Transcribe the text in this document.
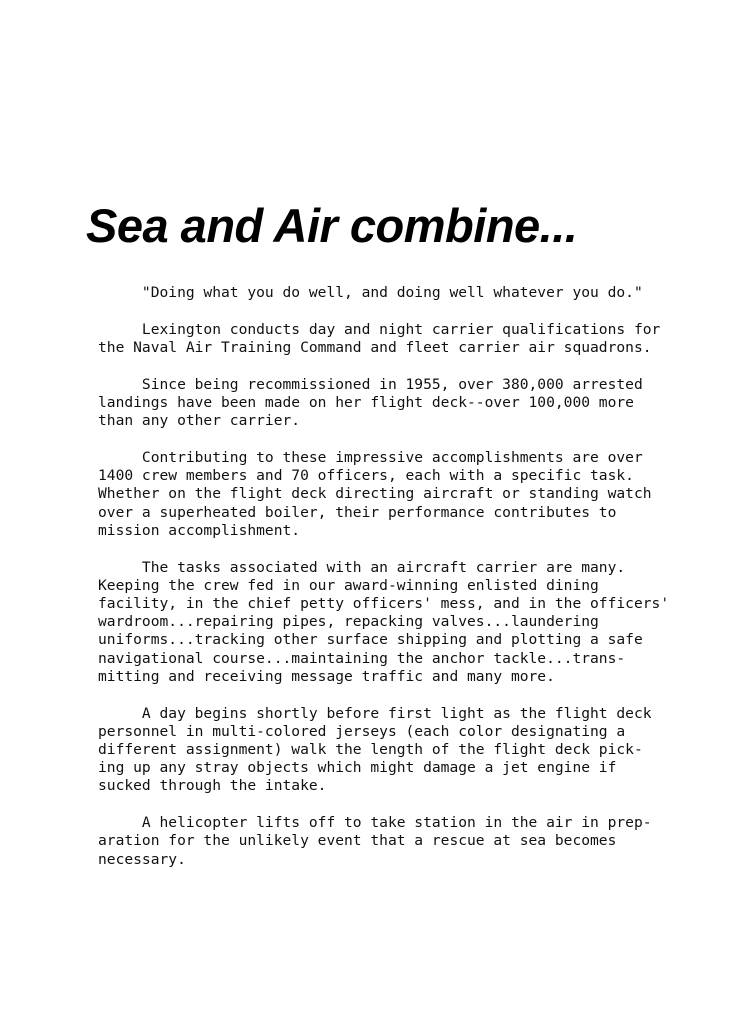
Sea and Air combine...

"Doing what you do well, and doing well whatever you do."

Lexington conducts day and night carrier qualifications for
the Naval Air Training Command and fleet carrier air squadrons.

Since being recommissioned in 1955, over 380,000 arrested
landings have been made on her flight deck--over 100,000 more
than any other carrier.

Contributing to these impressive accomplishments are over
1400 crew members and 70 officers, each with a specific task.
Whether on the flight deck directing aircraft or standing watch
over a superheated boiler, their performance contributes to
mission accomplishment.

The tasks associated with an aircraft carrier are many.
Keeping the crew fed in our award-winning enlisted dining
facility, in the chief petty officers' mess, and in the officers'
wardroom...repairing pipes, repacking valves...laundering
uniforms...tracking other surface shipping and plotting a safe
navigational course...maintaining the anchor tackle...trans-
mitting and receiving message traffic and many more.

A day begins shortly before first light as the flight deck
personnel in multi-colored jerseys (each color designating a
different assignment) walk the length of the flight deck pick-
ing up any stray objects which might damage a jet engine if
sucked through the intake.

A helicopter lifts off to take station in the air in prep-
aration for the unlikely event that a rescue at sea becomes
necessary.
